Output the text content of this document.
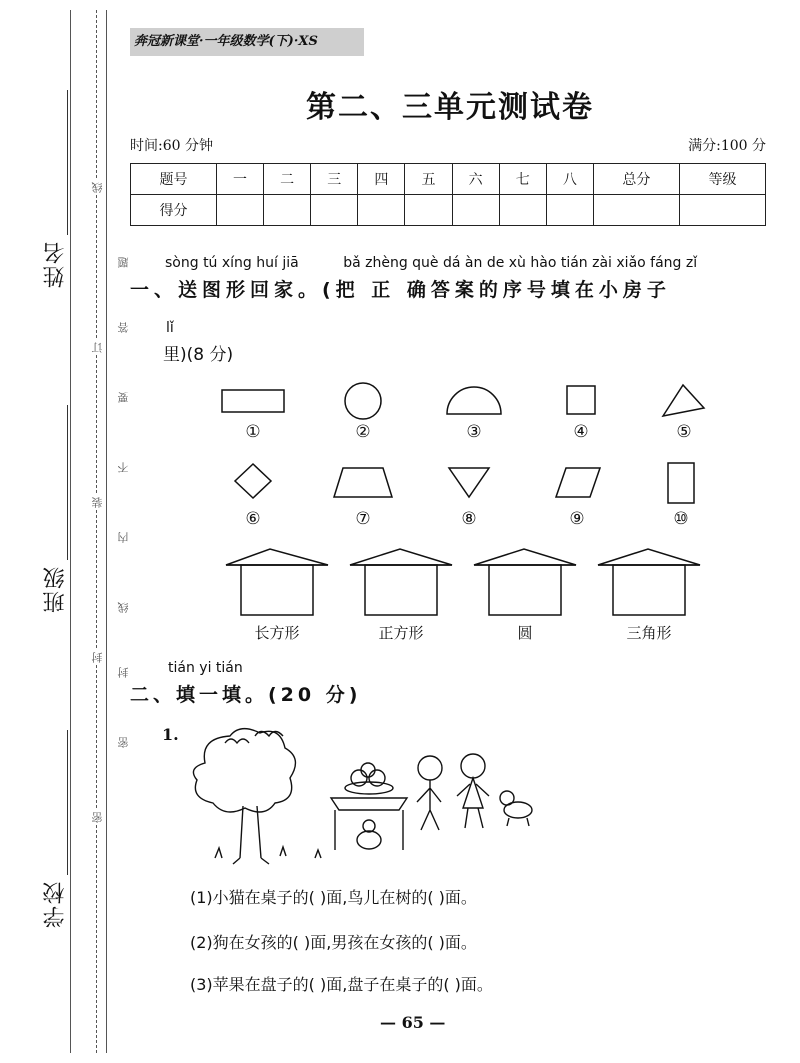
姓名
班级
学校
线
题
答
订
要
不
装
内
线
封
密
封
密
奔冠新课堂·一年级数学(下)·XS
第二、三单元测试卷
时间:60 分钟	满分:100 分
题号	一	二	三	四	五	六	七	八	总分	等级
得分										
sòng tú xíng huí jiā          bǎ zhèng què dá àn de xù hào tián zài xiǎo fáng zǐ
一、送图形回家。(把 正 确答案的序号填在小房子
lǐ
里)(8 分)
①	②	③	④	⑤
⑥	⑦	⑧	⑨	⑩
长方形	正方形	圆	三角形
tián yi tián
二、填一填。(20 分)
1.
(1)小猫在桌子的( )面,鸟儿在树的( )面。
(2)狗在女孩的( )面,男孩在女孩的( )面。
(3)苹果在盘子的( )面,盘子在桌子的( )面。
— 65 —
